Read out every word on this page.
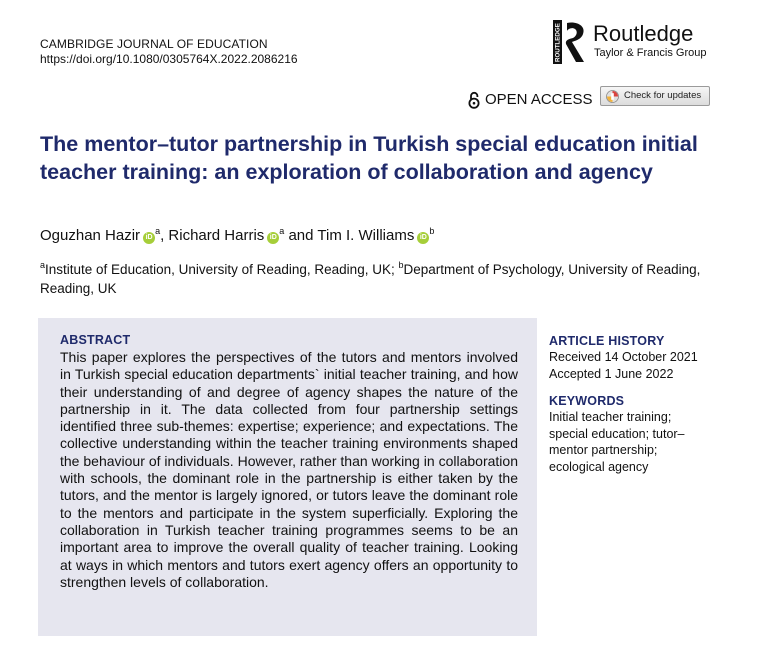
CAMBRIDGE JOURNAL OF EDUCATION
https://doi.org/10.1080/0305764X.2022.2086216	ROUTLEDGE Routledge
Taylor & Francis Group
OPEN ACCESS	Check for updates
The mentor–tutor partnership in Turkish special education initial teacher training: an exploration of collaboration and agency
Oguzhan Hazir $iD^a$, Richard Harris $iD^a$ and Tim I. Williams $iD^b$
$^a$Institute of Education, University of Reading, Reading, UK; $^b$Department of Psychology, University of Reading, Reading, UK
ABSTRACT

This paper explores the perspectives of the tutors and mentors involved in Turkish special education departments` initial teacher training, and how their understanding of and degree of agency shapes the nature of the partnership in it. The data collected from four partnership settings identified three sub-themes: expertise; experience; and expectations. The collective understanding within the teacher training environments shaped the behaviour of individuals. However, rather than working in collaboration with schools, the dominant role in the partnership is either taken by the tutors, and the mentor is largely ignored, or tutors leave the dominant role to the mentors and participate in the system superficially. Exploring the collaboration in Turkish teacher training programmes seems to be an important area to improve the overall quality of teacher training. Looking at ways in which mentors and tutors exert agency offers an opportunity to strengthen levels of collaboration.

ARTICLE HISTORY
Received 14 October 2021
Accepted 1 June 2022
KEYWORDS
Initial teacher training;
special education; tutor–
mentor partnership;
ecological agency
